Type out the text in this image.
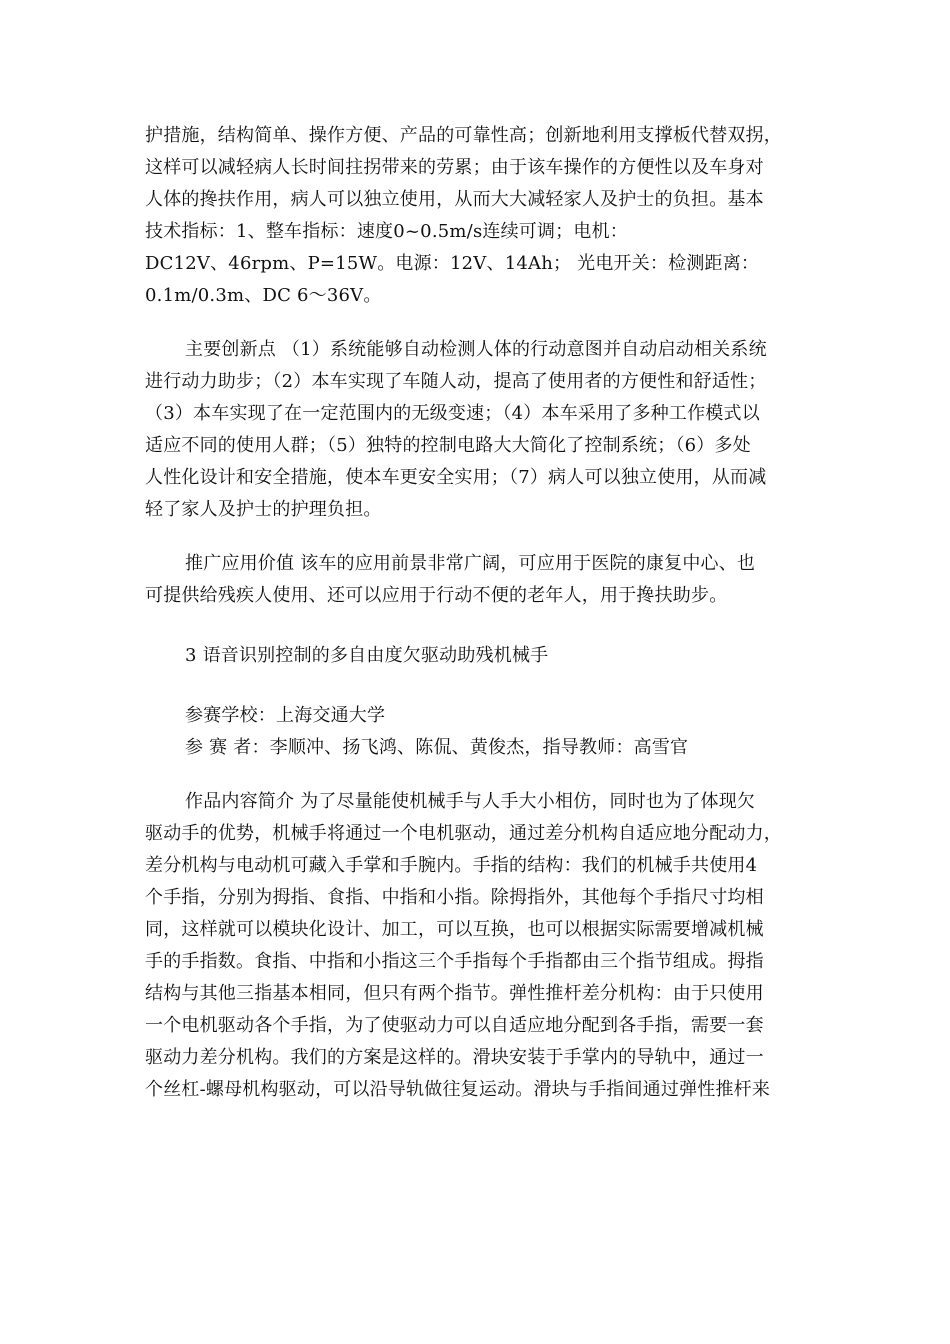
护措施，结构简单、操作方便、产品的可靠性高；创新地利用支撑板代替双拐，
这样可以减轻病人长时间拄拐带来的劳累；由于该车操作的方便性以及车身对
人体的搀扶作用，病人可以独立使用，从而大大减轻家人及护士的负担。基本
技术指标：1、整车指标：速度0~0.5m/s连续可调；电机：
DC12V、46rpm、P=15W。电源：12V、14Ah； 光电开关：检测距离：
0.1m/0.3m、DC 6～36V。
主要创新点 （1）系统能够自动检测人体的行动意图并自动启动相关系统
进行动力助步；（2）本车实现了车随人动，提高了使用者的方便性和舒适性；
（3）本车实现了在一定范围内的无级变速；（4）本车采用了多种工作模式以
适应不同的使用人群；（5）独特的控制电路大大简化了控制系统；（6）多处
人性化设计和安全措施，使本车更安全实用；（7）病人可以独立使用，从而减
轻了家人及护士的护理负担。
推广应用价值 该车的应用前景非常广阔，可应用于医院的康复中心、也
可提供给残疾人使用、还可以应用于行动不便的老年人，用于搀扶助步。
3 语音识别控制的多自由度欠驱动助残机械手
参赛学校：上海交通大学
参 赛 者：李顺冲、扬飞鸿、陈侃、黄俊杰，指导教师：高雪官
作品内容简介 为了尽量能使机械手与人手大小相仿，同时也为了体现欠
驱动手的优势，机械手将通过一个电机驱动，通过差分机构自适应地分配动力，
差分机构与电动机可藏入手掌和手腕内。手指的结构：我们的机械手共使用4
个手指，分别为拇指、食指、中指和小指。除拇指外，其他每个手指尺寸均相
同，这样就可以模块化设计、加工，可以互换，也可以根据实际需要增减机械
手的手指数。食指、中指和小指这三个手指每个手指都由三个指节组成。拇指
结构与其他三指基本相同，但只有两个指节。弹性推杆差分机构：由于只使用
一个电机驱动各个手指，为了使驱动力可以自适应地分配到各手指，需要一套
驱动力差分机构。我们的方案是这样的。滑块安装于手掌内的导轨中，通过一
个丝杠-螺母机构驱动，可以沿导轨做往复运动。滑块与手指间通过弹性推杆来
